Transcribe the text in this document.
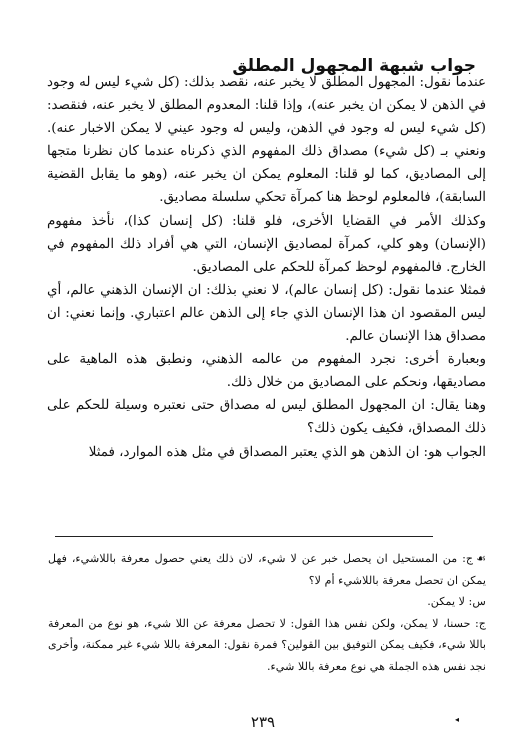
جواب شبهة المجهول المطلق

عندما نقول: المجهول المطلق لا يخبر عنه، نقصد بذلك: (كل شيء ليس له وجود في الذهن لا يمكن ان يخبر عنه)، وإذا قلنا: المعدوم المطلق لا يخبر عنه، فنقصد: (كل شيء ليس له وجود في الذهن، وليس له وجود عيني لا يمكن الاخبار عنه). ونعني بـ (كل شيء) مصداق ذلك المفهوم الذي ذكرناه عندما كان نظرنا متجها إلى المصاديق، كما لو قلنا: المعلوم يمكن ان يخبر عنه، (وهو ما يقابل القضية السابقة)، فالمعلوم لوحظ هنا كمرآة تحكي سلسلة مصاديق.

وكذلك الأمر في القضايا الأخرى، فلو قلنا: (كل إنسان كذا)، نأخذ مفهوم (الإنسان) وهو كلي، كمرآة لمصاديق الإنسان، التي هي أفراد ذلك المفهوم في الخارج. فالمفهوم لوحظ كمرآة للحكم على المصاديق.

فمثلا عندما نقول: (كل إنسان عالم)، لا نعني بذلك: ان الإنسان الذهني عالم، أي ليس المقصود ان هذا الإنسان الذي جاء إلى الذهن عالم اعتباري. وإنما نعني: ان مصداق هذا الإنسان عالم.

وبعبارة أخرى: نجرد المفهوم من عالمه الذهني، ونطبق هذه الماهية على مصاديقها، ونحكم على المصاديق من خلال ذلك.

وهنا يقال: ان المجهول المطلق ليس له مصداق حتى نعتبره وسيلة للحكم على ذلك المصداق، فكيف يكون ذلك؟

الجواب هو: ان الذهن هو الذي يعتبر المصداق في مثل هذه الموارد، فمثلا

☙ج: من المستحيل ان يحصل خبر عن لا شيء، لان ذلك يعني حصول معرفة باللاشيء، فهل يمكن ان تحصل معرفة باللاشيء أم لا؟

س: لا يمكن.

ج: حسنا، لا يمكن، ولكن نفس هذا القول: لا تحصل معرفة عن اللا شيء، هو نوع من المعرفة باللا شيء، فكيف يمكن التوفيق بين القولين؟ فمرة نقول: المعرفة باللا شيء غير ممكنة، وأخرى نجد نفس هذه الجملة هي نوع معرفة باللا شيء.

٢٣٩	◂
